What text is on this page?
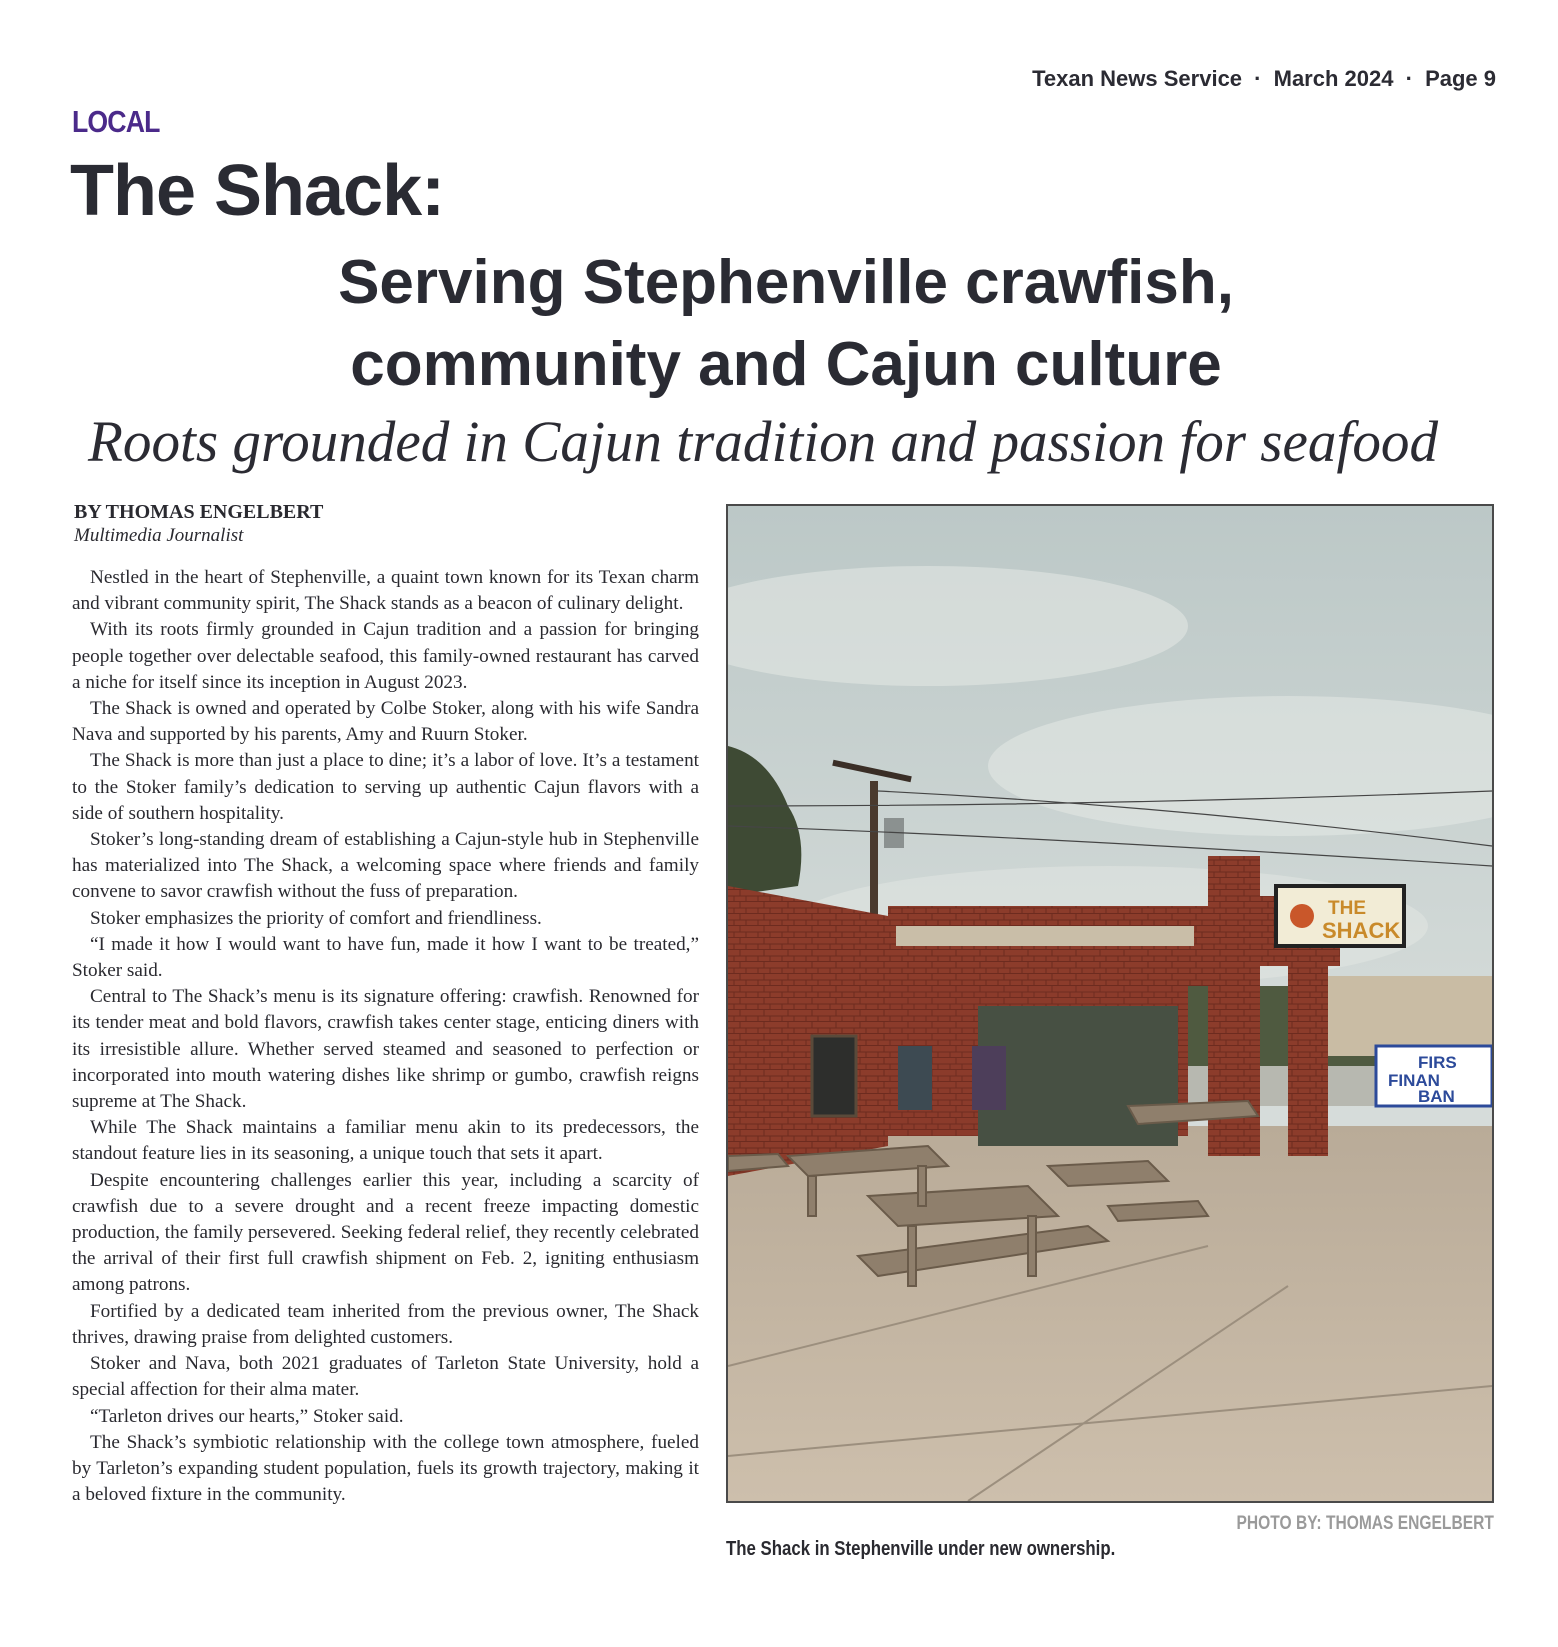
Texan News Service · March 2024 · Page 9
LOCAL
The Shack:
Serving Stephenville crawfish,
community and Cajun culture
Roots grounded in Cajun tradition and passion for seafood
BY THOMAS ENGELBERT
Multimedia Journalist

Nestled in the heart of Stephenville, a quaint town known for its Texan charm and vibrant community spirit, The Shack stands as a beacon of culinary delight.

With its roots firmly grounded in Cajun tradition and a passion for bringing people together over delectable seafood, this family-owned restaurant has carved a niche for itself since its inception in August 2023.

The Shack is owned and operated by Colbe Stoker, along with his wife Sandra Nava and supported by his parents, Amy and Ruurn Stoker.

The Shack is more than just a place to dine; it’s a labor of love. It’s a testament to the Stoker family’s dedication to serving up authentic Cajun flavors with a side of southern hospitality.

Stoker’s long-standing dream of establishing a Cajun-style hub in Stephenville has materialized into The Shack, a welcoming space where friends and family convene to savor crawfish without the fuss of preparation.

Stoker emphasizes the priority of comfort and friendliness.

“I made it how I would want to have fun, made it how I want to be treated,” Stoker said.

Central to The Shack’s menu is its signature offering: crawfish. Renowned for its tender meat and bold flavors, crawfish takes center stage, enticing diners with its irresistible allure. Whether served steamed and seasoned to perfection or incorporated into mouth watering dishes like shrimp or gumbo, crawfish reigns supreme at The Shack.

While The Shack maintains a familiar menu akin to its predecessors, the standout feature lies in its seasoning, a unique touch that sets it apart.

Despite encountering challenges earlier this year, including a scarcity of crawfish due to a severe drought and a recent freeze impacting domestic production, the family persevered. Seeking federal relief, they recently celebrated the arrival of their first full crawfish shipment on Feb. 2, igniting enthusiasm among patrons.

Fortified by a dedicated team inherited from the previous owner, The Shack thrives, drawing praise from delighted customers.

Stoker and Nava, both 2021 graduates of Tarleton State University, hold a special affection for their alma mater.

“Tarleton drives our hearts,” Stoker said.

The Shack’s symbiotic relationship with the college town atmosphere, fueled by Tarleton’s expanding student population, fuels its growth trajectory, making it a beloved fixture in the community.

THE
SHACK
FIRS
FINAN
BAN
PHOTO BY: THOMAS ENGELBERT
The Shack in Stephenville under new ownership.
